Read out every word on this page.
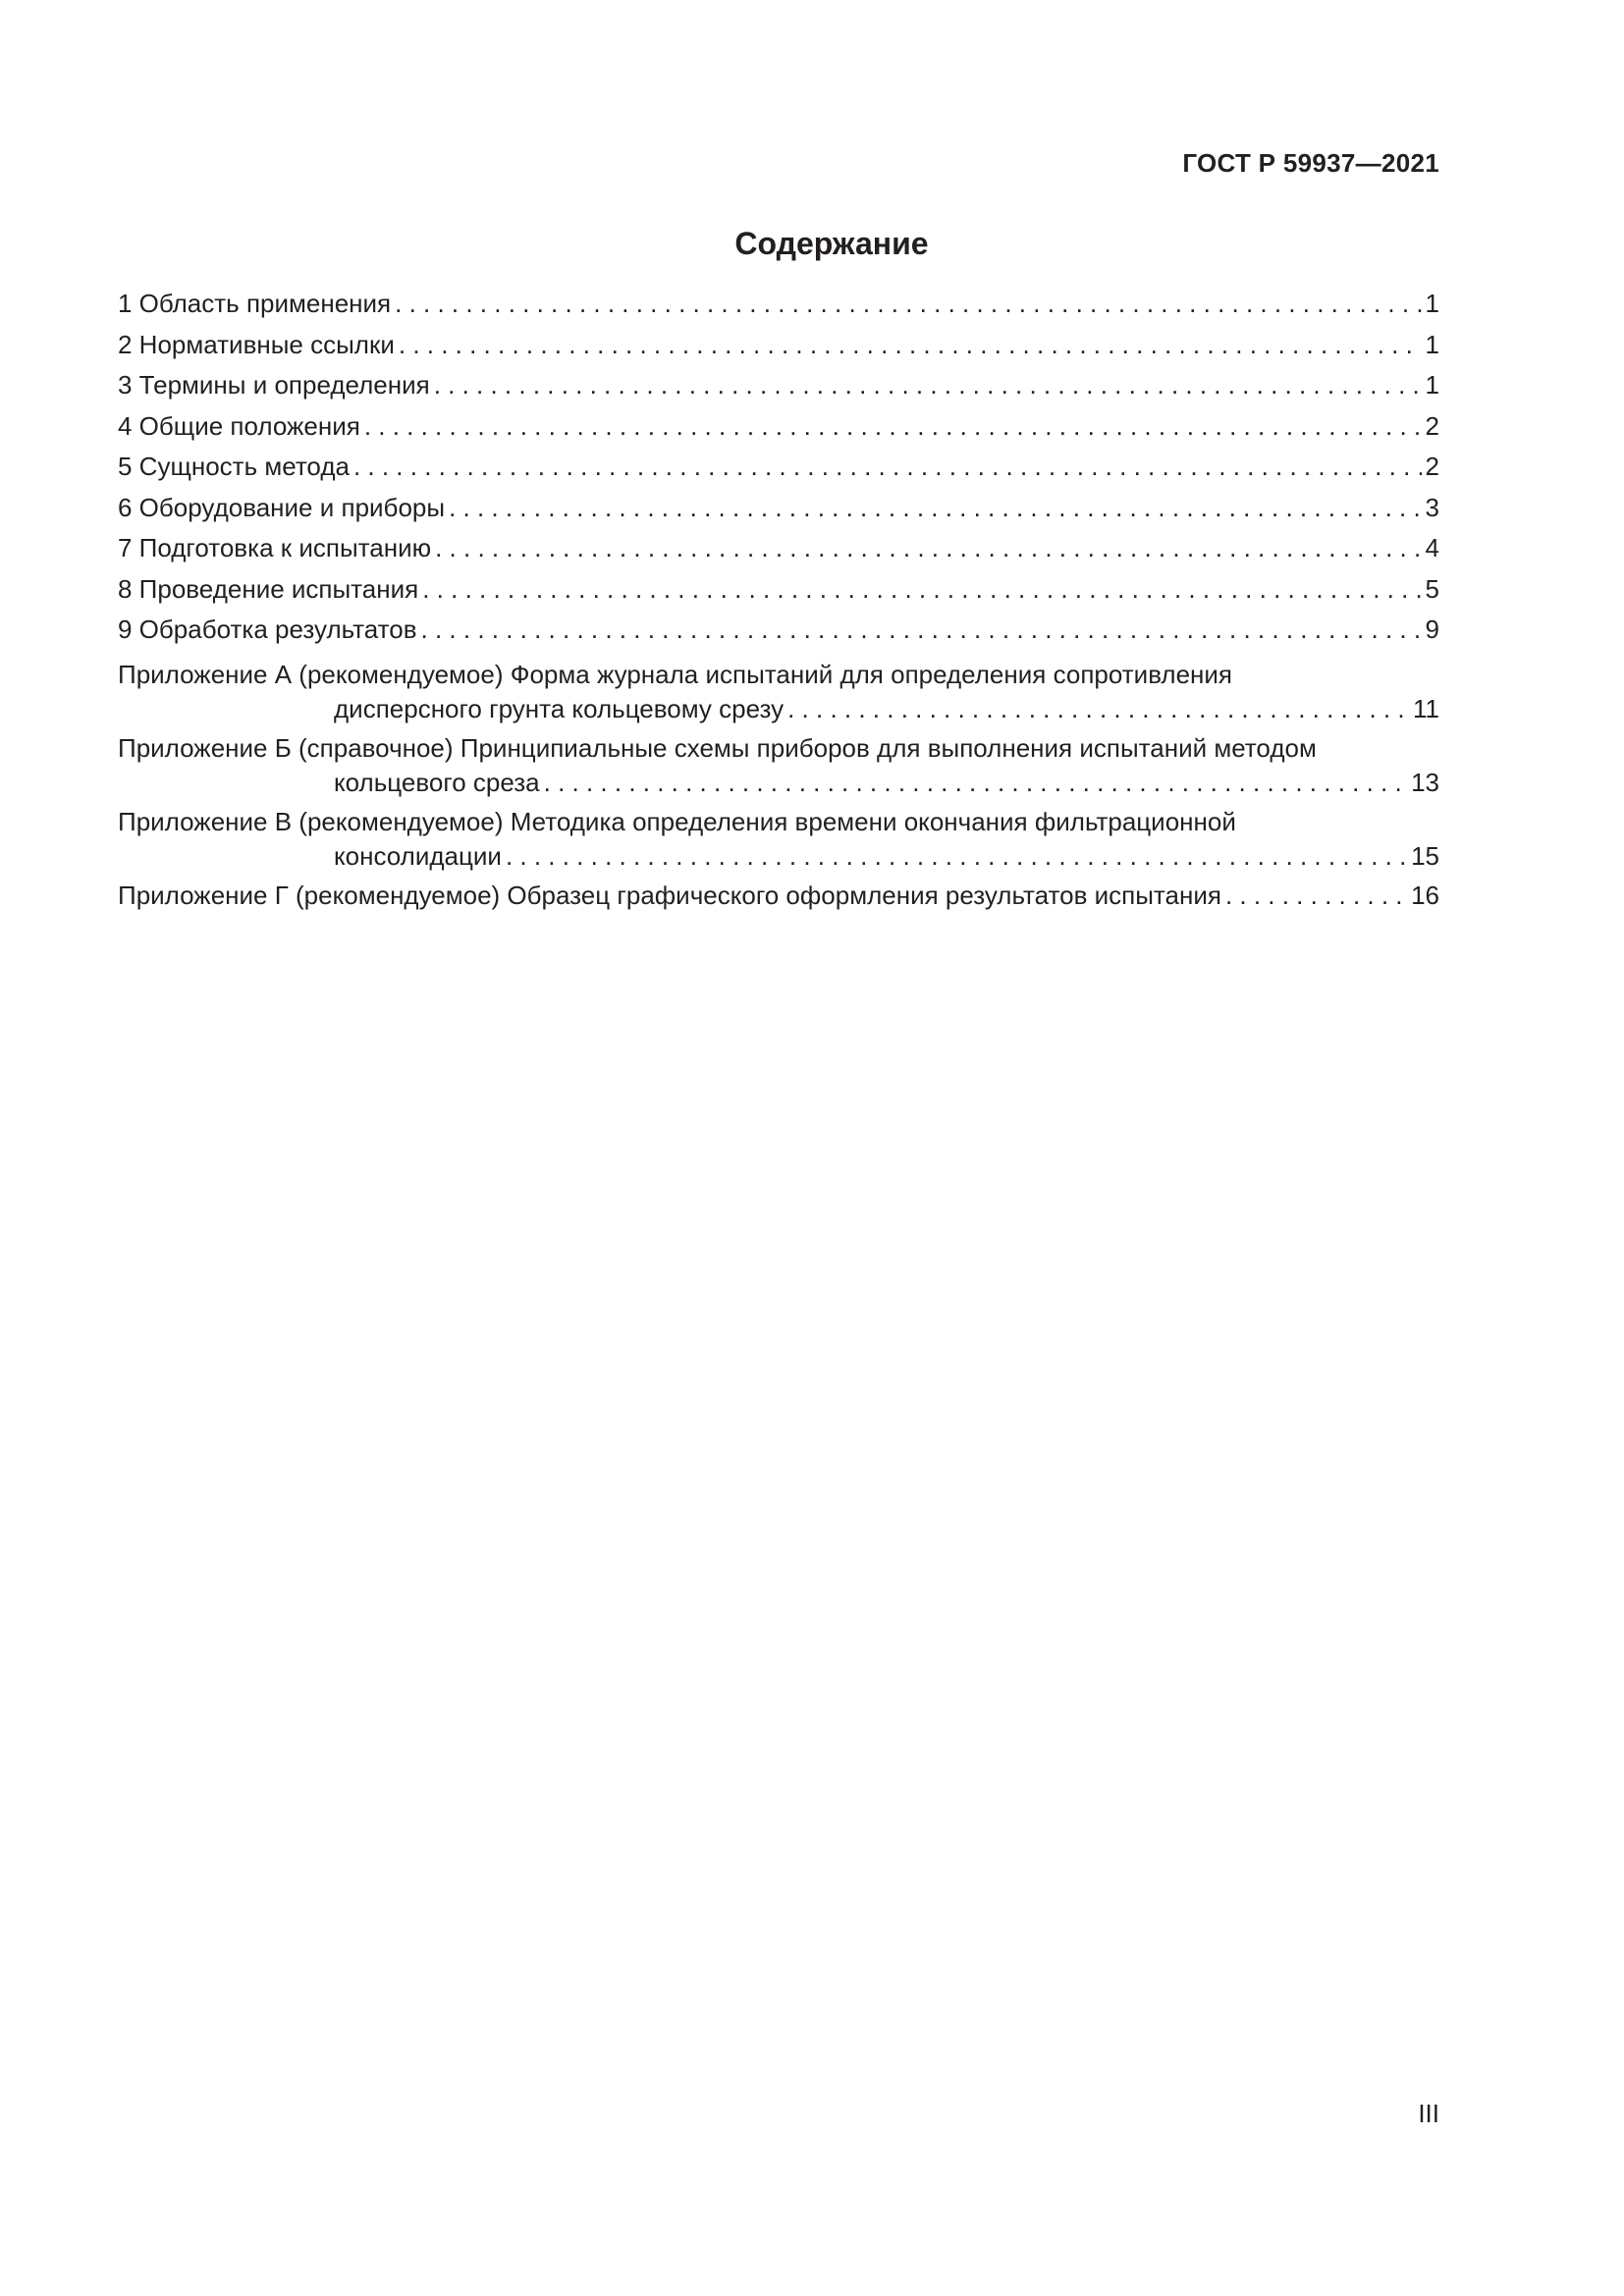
ГОСТ Р 59937—2021
Содержание
1 Область применения . . .	1
2 Нормативные ссылки . . .	1
3 Термины и определения . . .	1
4 Общие положения . . .	2
5 Сущность метода . . .	2
6 Оборудование и приборы . . .	3
7 Подготовка к испытанию . . .	4
8 Проведение испытания . . .	5
9 Обработка результатов . . .	9
Приложение А (рекомендуемое) Форма журнала испытаний для определения сопротивления
дисперсного грунта кольцевому срезу . . .	11
Приложение Б (справочное) Принципиальные схемы приборов для выполнения испытаний методом
кольцевого среза . . .	13
Приложение В (рекомендуемое) Методика определения времени окончания фильтрационной
консолидации . . .	15
Приложение Г (рекомендуемое) Образец графического оформления результатов испытания . . .	16
III
